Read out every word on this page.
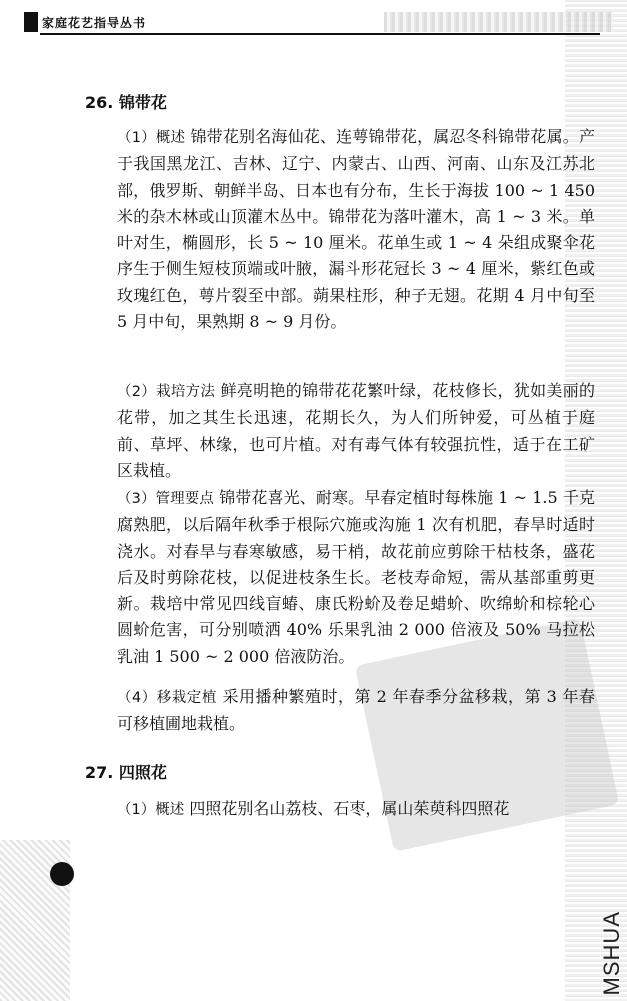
家庭花艺指导丛书
26. 锦带花
（1）概述 锦带花别名海仙花、连萼锦带花，属忍冬科锦带花属。产于我国黑龙江、吉林、辽宁、内蒙古、山西、河南、山东及江苏北部，俄罗斯、朝鲜半岛、日本也有分布，生长于海拔 100 ~ 1 450 米的杂木林或山顶灌木丛中。锦带花为落叶灌木，高 1 ~ 3 米。单叶对生，椭圆形，长 5 ~ 10 厘米。花单生或 1 ~ 4 朵组成聚伞花序生于侧生短枝顶端或叶腋，漏斗形花冠长 3 ~ 4 厘米，紫红色或玫瑰红色，萼片裂至中部。蒴果柱形，种子无翅。花期 4 月中旬至 5 月中旬，果熟期 8 ~ 9 月份。
（2）栽培方法 鲜亮明艳的锦带花花繁叶绿，花枝修长，犹如美丽的花带，加之其生长迅速，花期长久，为人们所钟爱，可丛植于庭前、草坪、林缘，也可片植。对有毒气体有较强抗性，适于在工矿区栽植。
（3）管理要点 锦带花喜光、耐寒。早春定植时每株施 1 ~ 1.5 千克腐熟肥，以后隔年秋季于根际穴施或沟施 1 次有机肥，春旱时适时浇水。对春旱与春寒敏感，易干梢，故花前应剪除干枯枝条，盛花后及时剪除花枝，以促进枝条生长。老枝寿命短，需从基部重剪更新。栽培中常见四线盲蝽、康氏粉蚧及卷足蜡蚧、吹绵蚧和棕轮心圆蚧危害，可分别喷洒 40% 乐果乳油 2 000 倍液及 50% 马拉松乳油 1 500 ~ 2 000 倍液防治。
（4）移栽定植 采用播种繁殖时，第 2 年春季分盆移栽，第 3 年春可移植圃地栽植。
27. 四照花
（1）概述 四照花别名山荔枝、石枣，属山茱萸科四照花
MSHUA
